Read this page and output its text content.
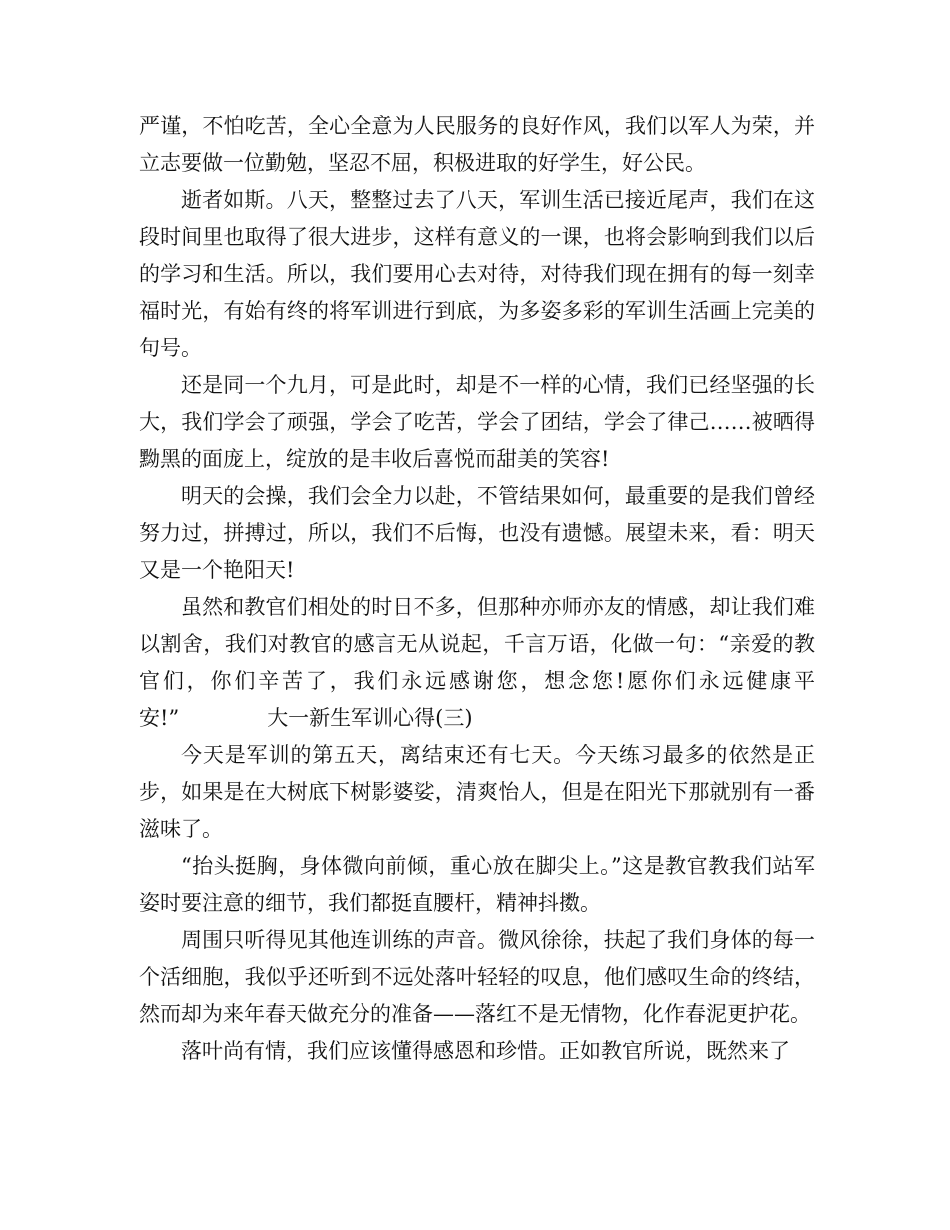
严谨，不怕吃苦，全心全意为人民服务的良好作风，我们以军人为荣，并立志要做一位勤勉，坚忍不屈，积极进取的好学生，好公民。

逝者如斯。八天，整整过去了八天，军训生活已接近尾声，我们在这段时间里也取得了很大进步，这样有意义的一课，也将会影响到我们以后的学习和生活。所以，我们要用心去对待，对待我们现在拥有的每一刻幸福时光，有始有终的将军训进行到底，为多姿多彩的军训生活画上完美的句号。

还是同一个九月，可是此时，却是不一样的心情，我们已经坚强的长大，我们学会了顽强，学会了吃苦，学会了团结，学会了律己……被晒得黝黑的面庞上，绽放的是丰收后喜悦而甜美的笑容!

明天的会操，我们会全力以赴，不管结果如何，最重要的是我们曾经努力过，拼搏过，所以，我们不后悔，也没有遗憾。展望未来，看：明天又是一个艳阳天!

虽然和教官们相处的时日不多，但那种亦师亦友的情感，却让我们难以割舍，我们对教官的感言无从说起，千言万语，化做一句：“亲爱的教官们，你们辛苦了，我们永远感谢您，想念您!愿你们永远健康平安!”	大一新生军训心得(三)

今天是军训的第五天，离结束还有七天。今天练习最多的依然是正步，如果是在大树底下树影婆娑，清爽怡人，但是在阳光下那就别有一番滋味了。

“抬头挺胸，身体微向前倾，重心放在脚尖上。”这是教官教我们站军姿时要注意的细节，我们都挺直腰杆，精神抖擞。

周围只听得见其他连训练的声音。微风徐徐，扶起了我们身体的每一个活细胞，我似乎还听到不远处落叶轻轻的叹息，他们感叹生命的终结，然而却为来年春天做充分的准备——落红不是无情物，化作春泥更护花。

落叶尚有情，我们应该懂得感恩和珍惜。正如教官所说，既然来了
